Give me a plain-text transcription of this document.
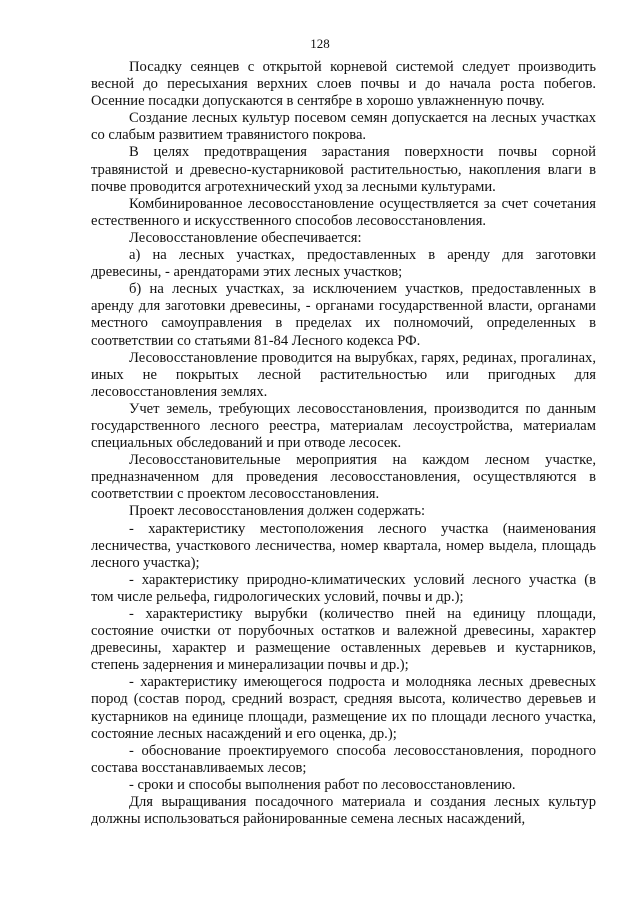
128

Посадку сеянцев с открытой корневой системой следует производить весной до пересыхания верхних слоев почвы и до начала роста побегов. Осенние посадки допускаются в сентябре в хорошо увлажненную почву.

Создание лесных культур посевом семян допускается на лесных участках со слабым развитием травянистого покрова.

В целях предотвращения зарастания поверхности почвы сорной травянистой и древесно-кустарниковой растительностью, накопления влаги в почве проводится агротехнический уход за лесными культурами.

Комбинированное лесовосстановление осуществляется за счет сочетания естественного и искусственного способов лесовосстановления.

Лесовосстановление обеспечивается:

а) на лесных участках, предоставленных в аренду для заготовки древесины, - арендаторами этих лесных участков;

б) на лесных участках, за исключением участков, предоставленных в аренду для заготовки древесины, - органами государственной власти, органами местного самоуправления в пределах их полномочий, определенных в соответствии со статьями 81-84 Лесного кодекса РФ.

Лесовосстановление проводится на вырубках, гарях, рединах, прогалинах, иных не покрытых лесной растительностью или пригодных для лесовосстановления землях.

Учет земель, требующих лесовосстановления, производится по данным государственного лесного реестра, материалам лесоустройства, материалам специальных обследований и при отводе лесосек.

Лесовосстановительные мероприятия на каждом лесном участке, предназначенном для проведения лесовосстановления, осуществляются в соответствии с проектом лесовосстановления.

Проект лесовосстановления должен содержать:

- характеристику местоположения лесного участка (наименования лесничества, участкового лесничества, номер квартала, номер выдела, площадь лесного участка);

- характеристику природно-климатических условий лесного участка (в том числе рельефа, гидрологических условий, почвы и др.);

- характеристику вырубки (количество пней на единицу площади, состояние очистки от порубочных остатков и валежной древесины, характер древесины, характер и размещение оставленных деревьев и кустарников, степень задернения и минерализации почвы и др.);

- характеристику имеющегося подроста и молодняка лесных древесных пород (состав пород, средний возраст, средняя высота, количество деревьев и кустарников на единице площади, размещение их по площади лесного участка, состояние лесных насаждений и его оценка, др.);

- обоснование проектируемого способа лесовосстановления, породного состава восстанавливаемых лесов;

- сроки и способы выполнения работ по лесовосстановлению.

Для выращивания посадочного материала и создания лесных культур должны использоваться районированные семена лесных насаждений,
